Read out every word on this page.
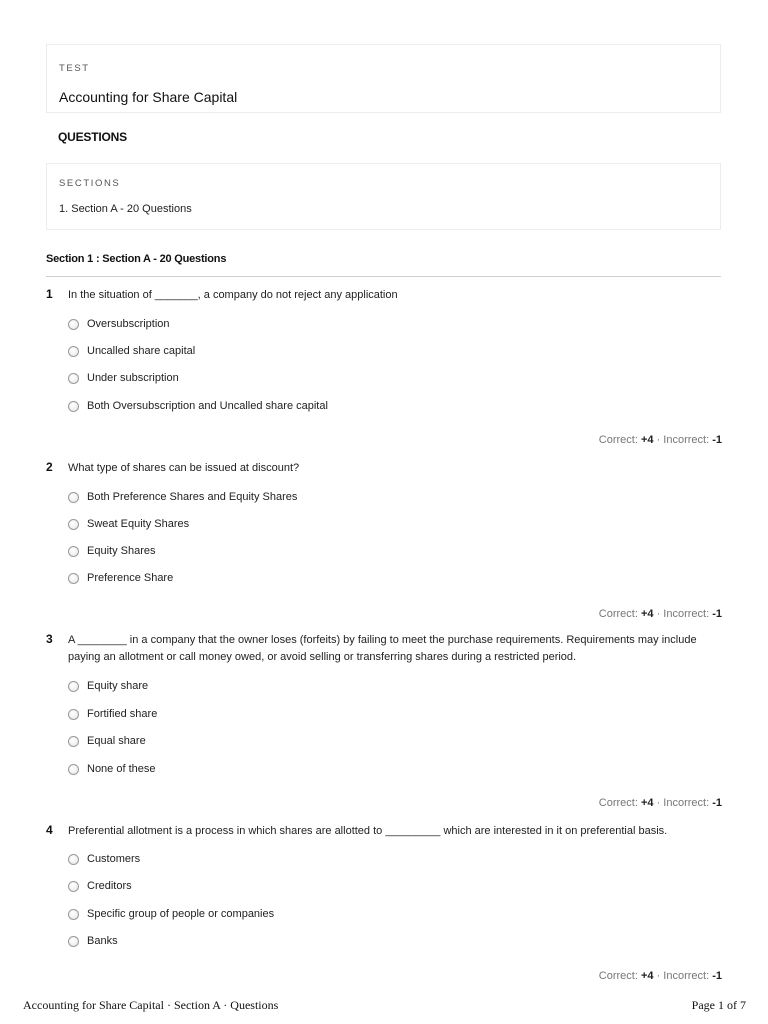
TEST
Accounting for Share Capital
QUESTIONS
SECTIONS
1. Section A - 20 Questions
Section 1 : Section A - 20 Questions
1 In the situation of _______, a company do not reject any application
Oversubscription
Uncalled share capital
Under subscription
Both Oversubscription and Uncalled share capital
Correct: +4 · Incorrect: -1
2 What type of shares can be issued at discount?
Both Preference Shares and Equity Shares
Sweat Equity Shares
Equity Shares
Preference Share
Correct: +4 · Incorrect: -1
3 A ________ in a company that the owner loses (forfeits) by failing to meet the purchase requirements. Requirements may include paying an allotment or call money owed, or avoid selling or transferring shares during a restricted period.
Equity share
Fortified share
Equal share
None of these
Correct: +4 · Incorrect: -1
4 Preferential allotment is a process in which shares are allotted to _________ which are interested in it on preferential basis.
Customers
Creditors
Specific group of people or companies
Banks
Correct: +4 · Incorrect: -1
Accounting for Share Capital · Section A · Questions	Page 1 of 7
